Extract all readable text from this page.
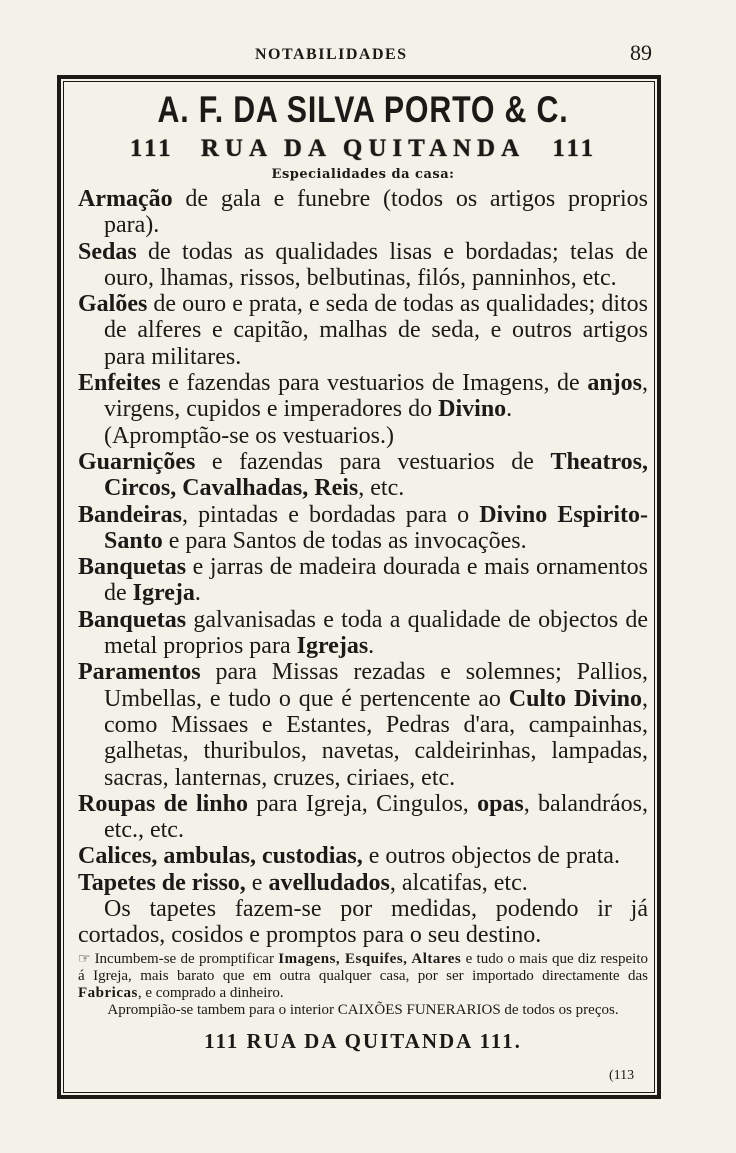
NOTABILIDADES	89
A. F. DA SILVA PORTO & C.
111 RUA DA QUITANDA 111
Especialidades da casa:
Armação de gala e funebre (todos os artigos proprios para).
Sedas de todas as qualidades lisas e bordadas; telas de ouro, lhamas, rissos, belbutinas, filós, panninhos, etc.
Galões de ouro e prata, e seda de todas as qualidades; ditos de alferes e capitão, malhas de seda, e outros artigos para militares.
Enfeites e fazendas para vestuarios de Imagens, de anjos, virgens, cupidos e imperadores do Divino.
(Apromptão-se os vestuarios.)
Guarnições e fazendas para vestuarios de Theatros, Circos, Cavalhadas, Reis, etc.
Bandeiras, pintadas e bordadas para o Divino Espirito-Santo e para Santos de todas as invocações.
Banquetas e jarras de madeira dourada e mais ornamentos de Igreja.
Banquetas galvanisadas e toda a qualidade de objectos de metal proprios para Igrejas.
Paramentos para Missas rezadas e solemnes; Pallios, Umbellas, e tudo o que é pertencente ao Culto Divino, como Missaes e Estantes, Pedras d'ara, campainhas, galhetas, thuribulos, navetas, caldeirinhas, lampadas, sacras, lanternas, cruzes, ciriaes, etc.
Roupas de linho para Igreja, Cingulos, opas, balandráos, etc., etc.
Calices, ambulas, custodias, e outros objectos de prata.
Tapetes de risso, e avelludados, alcatifas, etc.
Os tapetes fazem-se por medidas, podendo ir já cortados, cosidos e promptos para o seu destino.
☞ Incumbem-se de promptificar Imagens, Esquifes, Altares e tudo o mais que diz respeito á Igreja, mais barato que em outra qualquer casa, por ser importado directamente das Fabricas, e comprado a dinheiro.
Aprompião-se tambem para o interior CAIXÕES FUNERARIOS de todos os preços.
111 RUA DA QUITANDA 111.
(113
